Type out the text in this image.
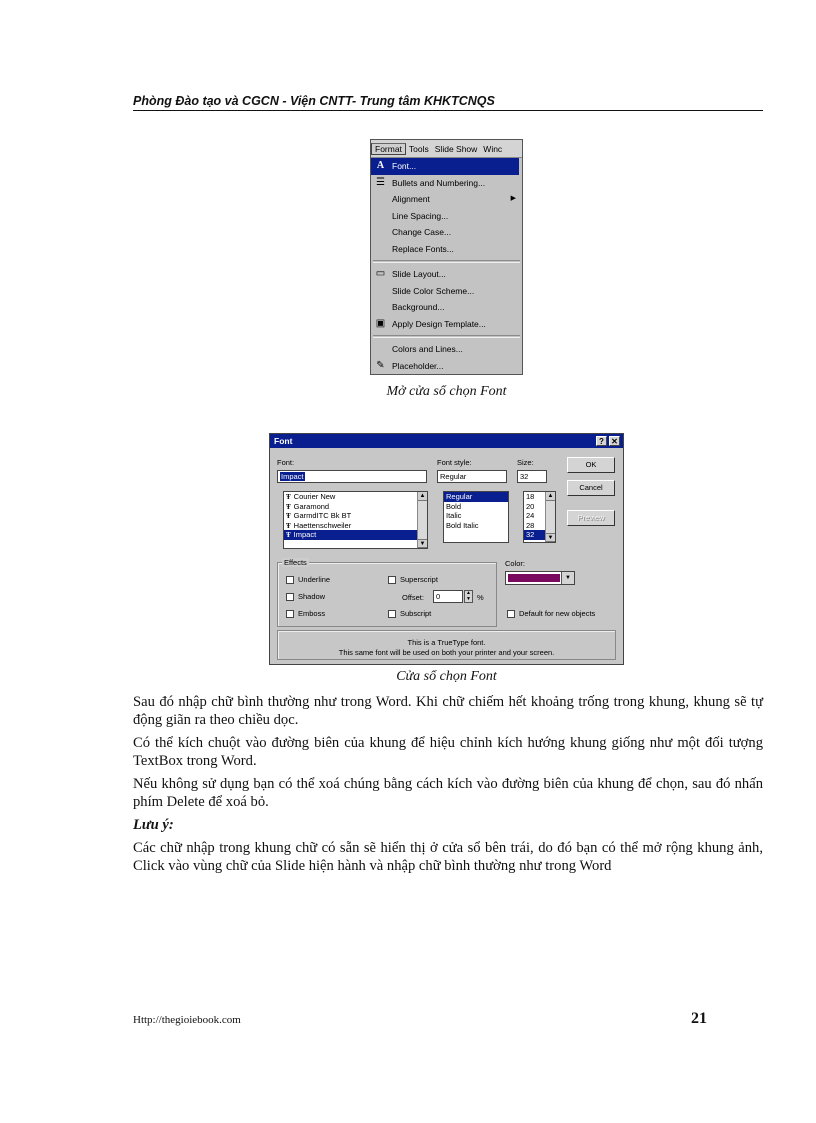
Phòng Đào tạo và CGCN - Viện CNTT- Trung tâm KHKTCNQS
Format Tools Slide Show Winc
A Font...
☰ Bullets and Numbering...
Alignment	▶
Line Spacing...
Change Case...
Replace Fonts...
▭ Slide Layout...
Slide Color Scheme...
Background...
▣ Apply Design Template...
Colors and Lines...
✎ Placeholder...
Mở cửa sổ chọn Font
Font	? ✕
Font:
Impact
Ŧ Courier New
Ŧ Garamond
Ŧ GarmdITC Bk BT
Ŧ Haettenschweiler
Ŧ Impact
▲
▼
Font style:
Regular
Regular
Bold
Italic
Bold Italic
Size:
32
18
20
24
28
32
▲
▼
OK
Cancel
Preview
Effects
Underline
Shadow
Emboss
Superscript
Offset:	0	▲
▼ %
Subscript
Color:
▼
Default for new objects
This is a TrueType font.
This same font will be used on both your printer and your screen.
Cửa sổ chọn Font

Sau đó nhập chữ bình thường như trong Word. Khi chữ chiếm hết khoảng trống trong khung, khung sẽ tự động giãn ra theo chiều dọc.

Có thể kích chuột vào đường biên của khung để hiệu chỉnh kích hướng khung giống như một đối tượng TextBox trong Word.

Nếu không sử dụng bạn có thể xoá chúng bằng cách kích vào đường biên của khung để chọn, sau đó nhấn phím Delete để xoá bỏ.

Lưu ý:

Các chữ nhập trong khung chữ có sẵn sẽ hiển thị ở cửa sổ bên trái, do đó bạn có thể mở rộng khung ảnh, Click vào vùng chữ của Slide hiện hành và nhập chữ bình thường như trong Word

Http://thegioiebook.com	21
